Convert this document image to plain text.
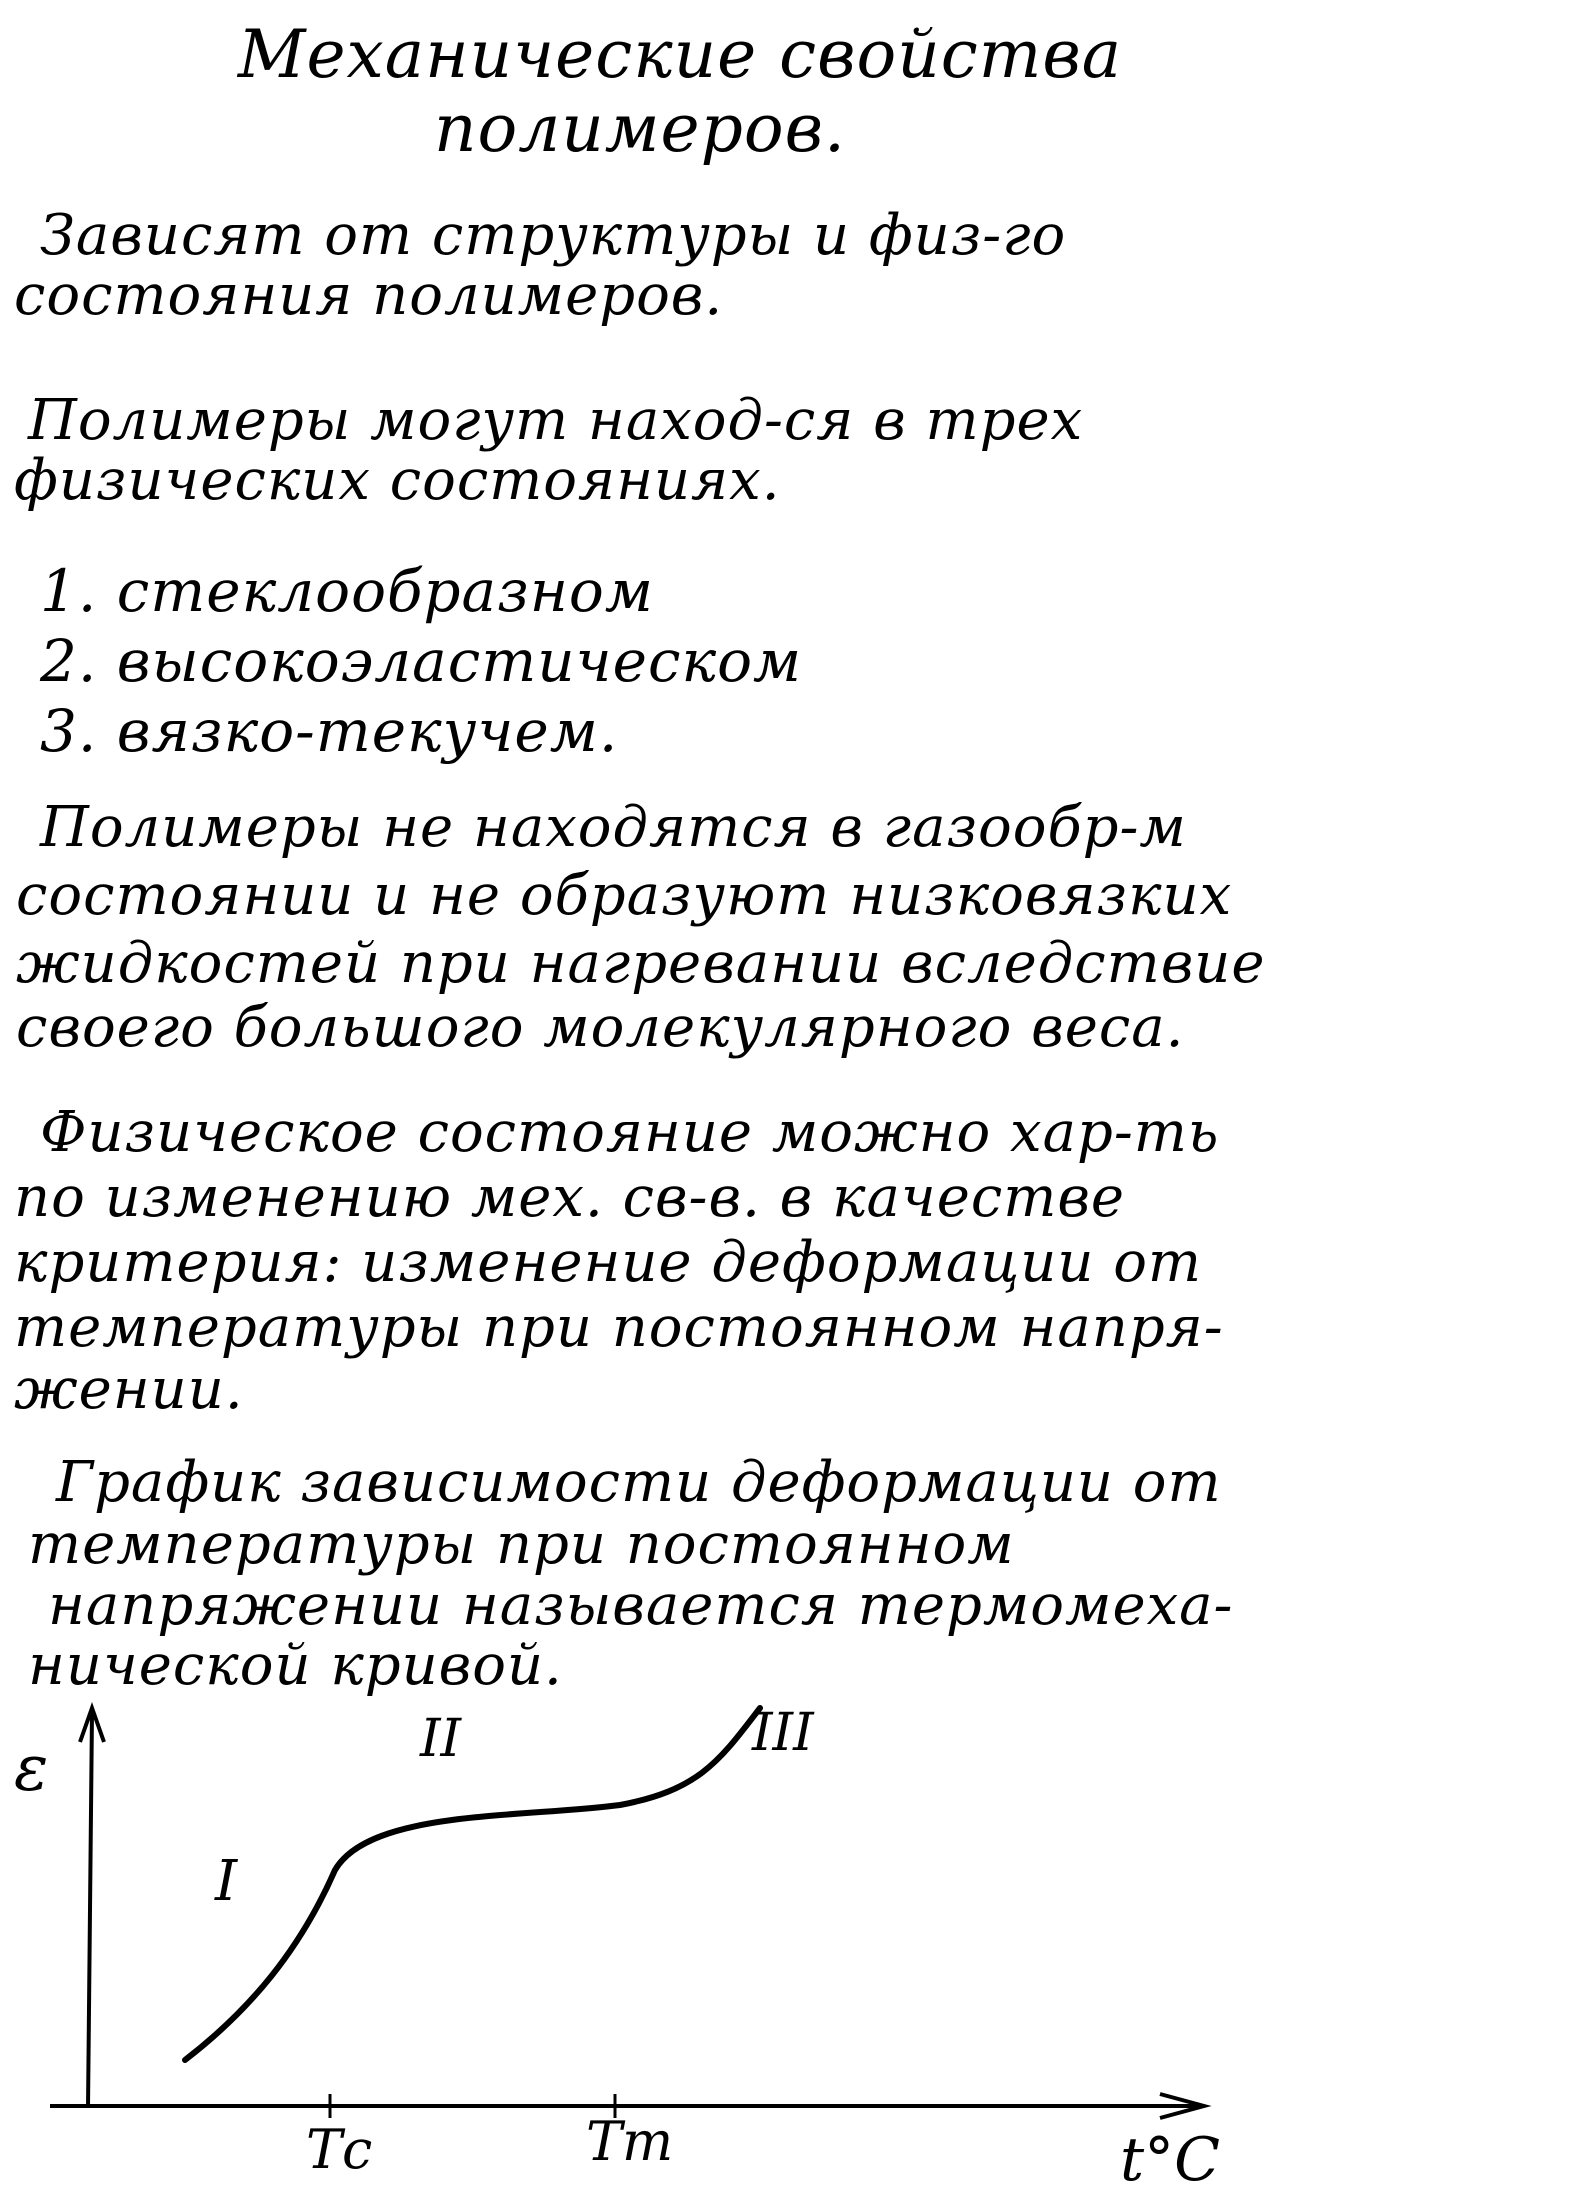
Механические свойства
полимеров.
Зависят от структуры и физ-го
состояния полимеров.
Полимеры могут наход-ся в трех
физических состояниях.
1. стеклообразном
2. высокоэластическом
3. вязко-текучем.
Полимеры не находятся в газообр-м
состоянии и не образуют низковязких
жидкостей при нагревании вследствие
своего большого молекулярного веса.
Физическое состояние можно хар-ть
по изменению мех. св-в. в качестве
критерия: изменение деформации от
температуры при постоянном напря-
жении.
График зависимости деформации от
температуры при постоянном
напряжении называется термомеха-
нической кривой.
ε
t°C
I
II	III
Tс	Tт
